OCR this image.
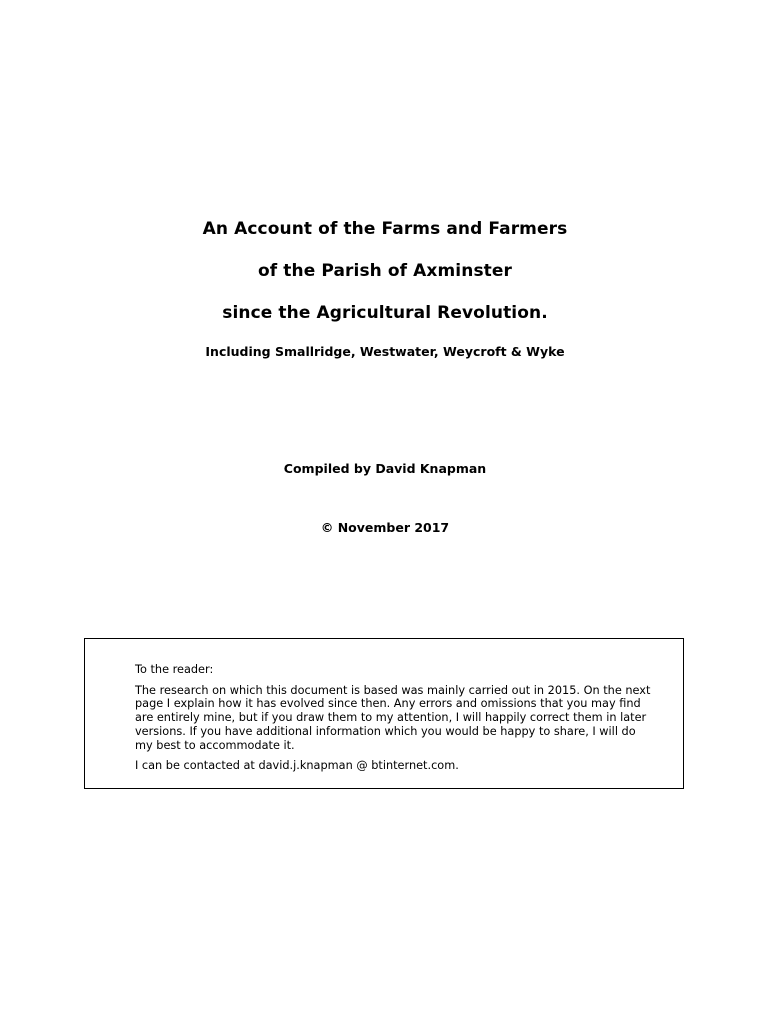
An Account of the Farms and Farmers
of the Parish of Axminster
since the Agricultural Revolution.
Including Smallridge, Westwater, Weycroft & Wyke
Compiled by David Knapman
© November 2017

To the reader:

The research on which this document is based was mainly carried out in 2015. On the next page I explain how it has evolved since then. Any errors and omissions that you may find are entirely mine, but if you draw them to my attention, I will happily correct them in later versions. If you have additional information which you would be happy to share, I will do my best to accommodate it.

I can be contacted at david.j.knapman @ btinternet.com.
